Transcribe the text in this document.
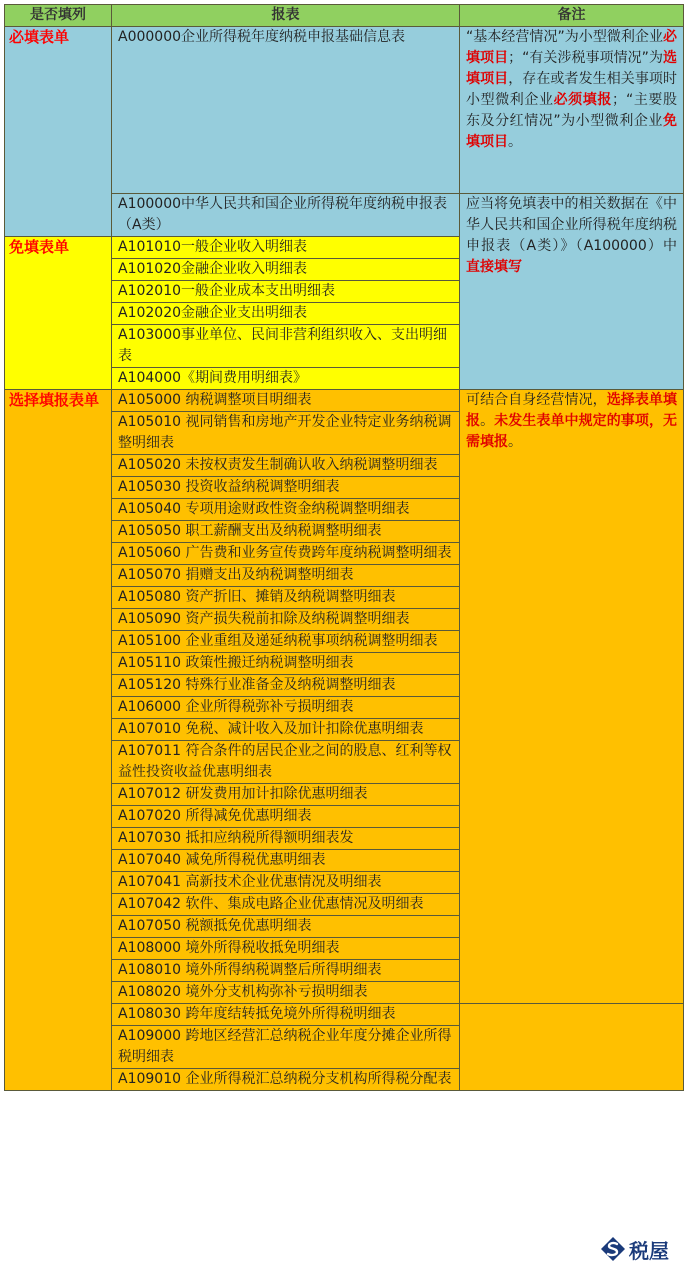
是否填列	报表	备注
必填表单	A000000企业所得税年度纳税申报基础信息表	“基本经营情况”为小型微利企业必填项目；“有关涉税事项情况”为选填项目，存在或者发生相关事项时小型微利企业必须填报；“主要股东及分红情况”为小型微利企业免填项目。
	A100000中华人民共和国企业所得税年度纳税申报表（A类）	应当将免填表中的相关数据在《中华人民共和国企业所得税年度纳税申报表（A类）》（A100000）中直接填写
免填表单	A101010一般企业收入明细表	
	A101020金融企业收入明细表	
	A102010一般企业成本支出明细表	
	A102020金融企业支出明细表	
	A103000事业单位、民间非营利组织收入、支出明细表	
	A104000《期间费用明细表》	
选择填报表单	A105000 纳税调整项目明细表	可结合自身经营情况，选择表单填报。未发生表单中规定的事项，无需填报。
	A105010 视同销售和房地产开发企业特定业务纳税调整明细表	
	A105020 未按权责发生制确认收入纳税调整明细表	
	A105030 投资收益纳税调整明细表	
	A105040 专项用途财政性资金纳税调整明细表	
	A105050 职工薪酬支出及纳税调整明细表	
	A105060 广告费和业务宣传费跨年度纳税调整明细表	
	A105070 捐赠支出及纳税调整明细表	
	A105080 资产折旧、摊销及纳税调整明细表	
	A105090 资产损失税前扣除及纳税调整明细表	
	A105100 企业重组及递延纳税事项纳税调整明细表	
	A105110 政策性搬迁纳税调整明细表	
	A105120 特殊行业准备金及纳税调整明细表	
	A106000 企业所得税弥补亏损明细表	
	A107010 免税、减计收入及加计扣除优惠明细表	
	A107011 符合条件的居民企业之间的股息、红利等权益性投资收益优惠明细表	
	A107012 研发费用加计扣除优惠明细表	
	A107020 所得减免优惠明细表	
	A107030 抵扣应纳税所得额明细表发	
	A107040 减免所得税优惠明细表	
	A107041 高新技术企业优惠情况及明细表	
	A107042 软件、集成电路企业优惠情况及明细表	
	A107050 税额抵免优惠明细表	
	A108000 境外所得税收抵免明细表	
	A108010 境外所得纳税调整后所得明细表	
	A108020 境外分支机构弥补亏损明细表	
	A108030 跨年度结转抵免境外所得税明细表	
	A109000 跨地区经营汇总纳税企业年度分摊企业所得税明细表	
	A109010 企业所得税汇总纳税分支机构所得税分配表	
税屋
